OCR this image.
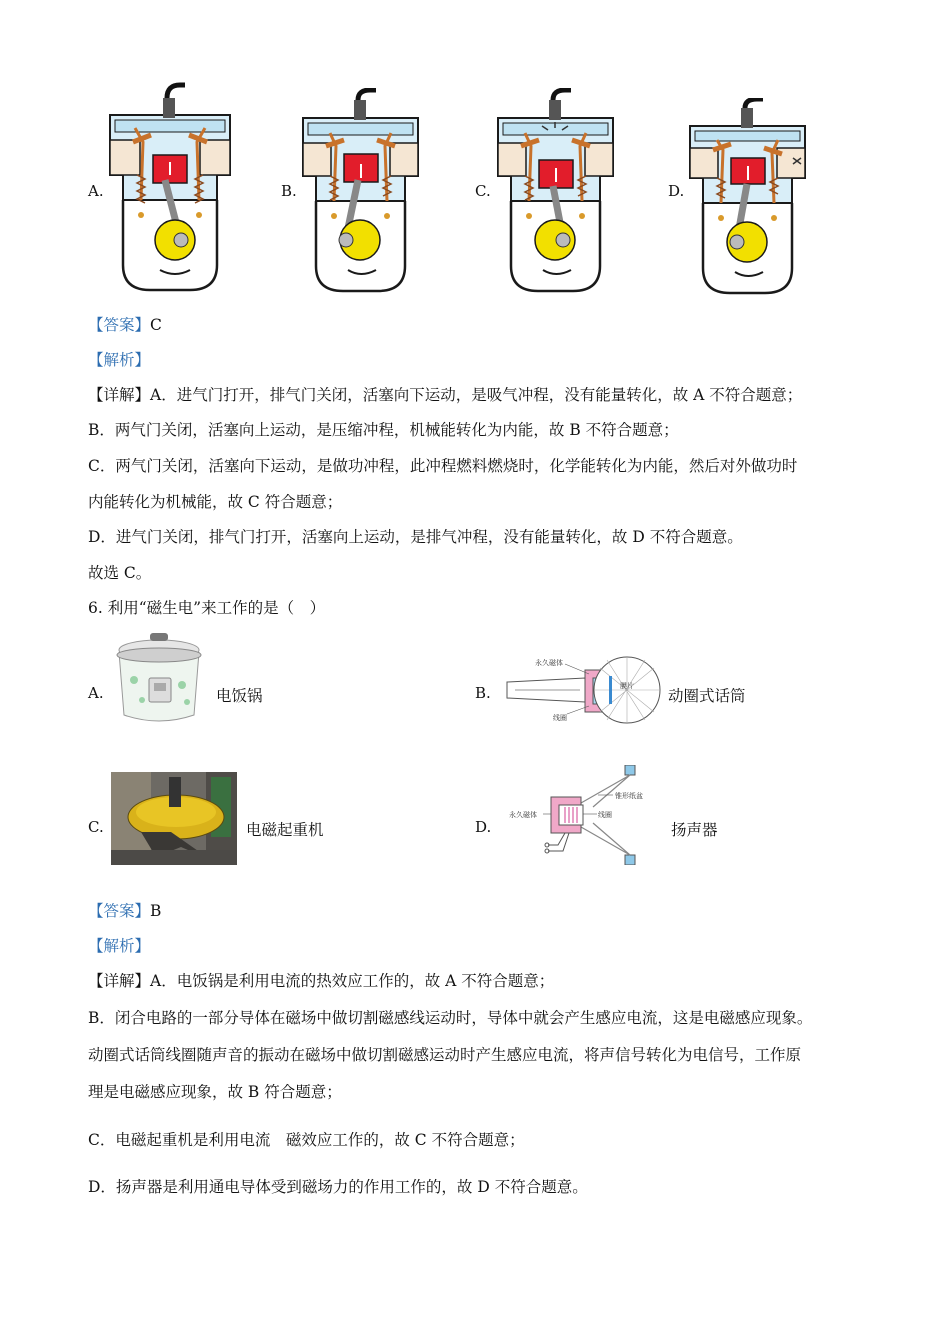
A.	B.	C.	D.
【答案】C
【解析】
【详解】A．进气门打开，排气门关闭，活塞向下运动，是吸气冲程，没有能量转化，故 A 不符合题意；
B．两气门关闭，活塞向上运动，是压缩冲程，机械能转化为内能，故 B 不符合题意；
C．两气门关闭，活塞向下运动，是做功冲程，此冲程燃料燃烧时，化学能转化为内能，然后对外做功时
内能转化为机械能，故 C 符合题意；
D．进气门关闭，排气门打开，活塞向上运动，是排气冲程，没有能量转化，故 D 不符合题意。
故选 C。
6. 利用“磁生电”来工作的是（　）
A.	电饭锅	B.
永久磁体
膜片
线圈
动圈式话筒
C.	电磁起重机	D.
锥形纸盆
永久磁体	线圈
扬声器
【答案】B
【解析】
【详解】A．电饭锅是利用电流的热效应工作的，故 A 不符合题意；
B．闭合电路的一部分导体在磁场中做切割磁感线运动时，导体中就会产生感应电流，这是电磁感应现象。
动圈式话筒线圈随声音的振动在磁场中做切割磁感运动时产生感应电流，将声信号转化为电信号，工作原
理是电磁感应现象，故 B 符合题意；
C．电磁起重机是利用电流　磁效应工作的，故 C 不符合题意；
D．扬声器是利用通电导体受到磁场力的作用工作的，故 D 不符合题意。
